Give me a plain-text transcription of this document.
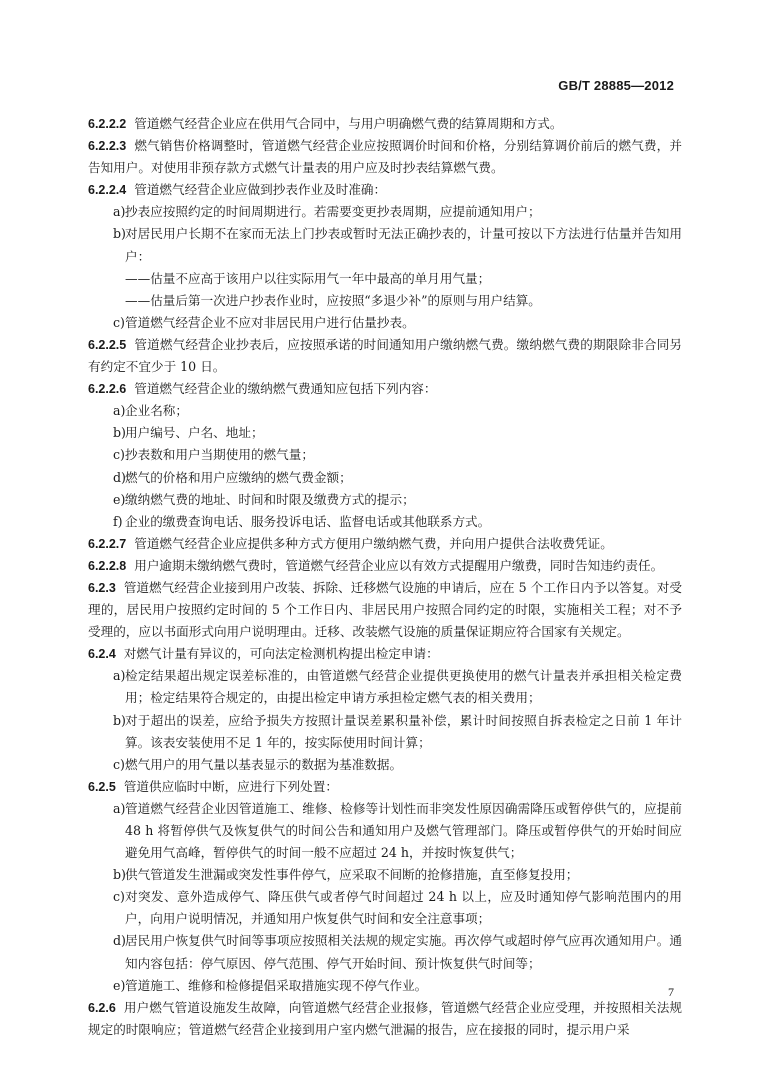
GB/T 28885—2012
6.2.2.2 管道燃气经营企业应在供用气合同中，与用户明确燃气费的结算周期和方式。
6.2.2.3 燃气销售价格调整时，管道燃气经营企业应按照调价时间和价格，分别结算调价前后的燃气费，并告知用户。对使用非预存款方式燃气计量表的用户应及时抄表结算燃气费。
6.2.2.4 管道燃气经营企业应做到抄表作业及时准确：
a) 抄表应按照约定的时间周期进行。若需要变更抄表周期，应提前通知用户；
b) 对居民用户长期不在家而无法上门抄表或暂时无法正确抄表的，计量可按以下方法进行估量并告知用户：
——估量不应高于该用户以往实际用气一年中最高的单月用气量；
——估量后第一次进户抄表作业时，应按照“多退少补”的原则与用户结算。
c) 管道燃气经营企业不应对非居民用户进行估量抄表。
6.2.2.5 管道燃气经营企业抄表后，应按照承诺的时间通知用户缴纳燃气费。缴纳燃气费的期限除非合同另有约定不宜少于 10 日。
6.2.2.6 管道燃气经营企业的缴纳燃气费通知应包括下列内容：
a) 企业名称；
b) 用户编号、户名、地址；
c) 抄表数和用户当期使用的燃气量；
d) 燃气的价格和用户应缴纳的燃气费金额；
e) 缴纳燃气费的地址、时间和时限及缴费方式的提示；
f) 企业的缴费查询电话、服务投诉电话、监督电话或其他联系方式。
6.2.2.7 管道燃气经营企业应提供多种方式方便用户缴纳燃气费，并向用户提供合法收费凭证。
6.2.2.8 用户逾期未缴纳燃气费时，管道燃气经营企业应以有效方式提醒用户缴费，同时告知违约责任。
6.2.3 管道燃气经营企业接到用户改装、拆除、迁移燃气设施的申请后，应在 5 个工作日内予以答复。对受理的，居民用户按照约定时间的 5 个工作日内、非居民用户按照合同约定的时限，实施相关工程；对不予受理的，应以书面形式向用户说明理由。迁移、改装燃气设施的质量保证期应符合国家有关规定。
6.2.4 对燃气计量有异议的，可向法定检测机构提出检定申请：
a) 检定结果超出规定误差标准的，由管道燃气经营企业提供更换使用的燃气计量表并承担相关检定费用；检定结果符合规定的，由提出检定申请方承担检定燃气表的相关费用；
b) 对于超出的误差，应给予损失方按照计量误差累积量补偿，累计时间按照自拆表检定之日前 1 年计算。该表安装使用不足 1 年的，按实际使用时间计算；
c) 燃气用户的用气量以基表显示的数据为基准数据。
6.2.5 管道供应临时中断，应进行下列处置：
a) 管道燃气经营企业因管道施工、维修、检修等计划性而非突发性原因确需降压或暂停供气的，应提前 48 h 将暂停供气及恢复供气的时间公告和通知用户及燃气管理部门。降压或暂停供气的开始时间应避免用气高峰，暂停供气的时间一般不应超过 24 h，并按时恢复供气；
b) 供气管道发生泄漏或突发性事件停气，应采取不间断的抢修措施，直至修复投用；
c) 对突发、意外造成停气、降压供气或者停气时间超过 24 h 以上，应及时通知停气影响范围内的用户，向用户说明情况，并通知用户恢复供气时间和安全注意事项；
d) 居民用户恢复供气时间等事项应按照相关法规的规定实施。再次停气或超时停气应再次通知用户。通知内容包括：停气原因、停气范围、停气开始时间、预计恢复供气时间等；
e) 管道施工、维修和检修提倡采取措施实现不停气作业。
6.2.6 用户燃气管道设施发生故障，向管道燃气经营企业报修，管道燃气经营企业应受理，并按照相关法规规定的时限响应；管道燃气经营企业接到用户室内燃气泄漏的报告，应在接报的同时，提示用户采
7
